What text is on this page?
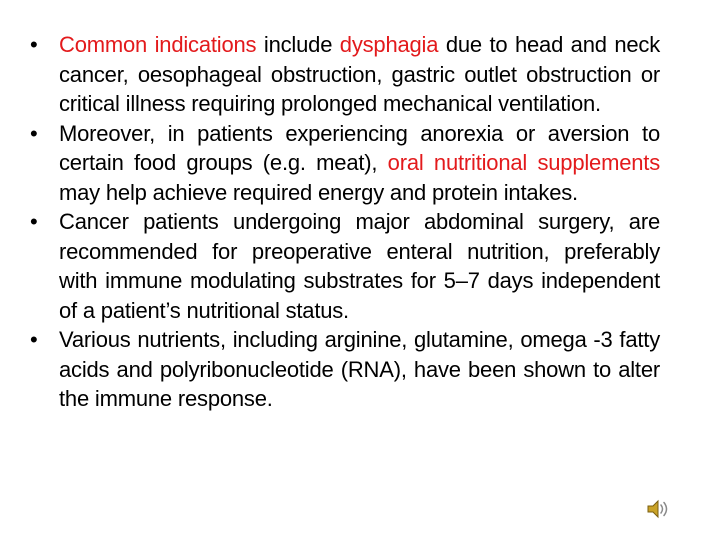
• Common indications include dysphagia due to head and neck cancer, oesophageal obstruction, gastric outlet obstruction or critical illness requiring prolonged mechanical ventilation.
• Moreover, in patients experiencing anorexia or aversion to certain food groups (e.g. meat), oral nutritional supplements may help achieve required energy and protein intakes.
• Cancer patients undergoing major abdominal surgery, are recommended for preoperative enteral nutrition, preferably with immune modulating substrates for 5–7 days independent of a patient’s nutritional status.
• Various nutrients, including arginine, glutamine, omega -3 fatty acids and polyribonucleotide (RNA), have been shown to alter the immune response.
